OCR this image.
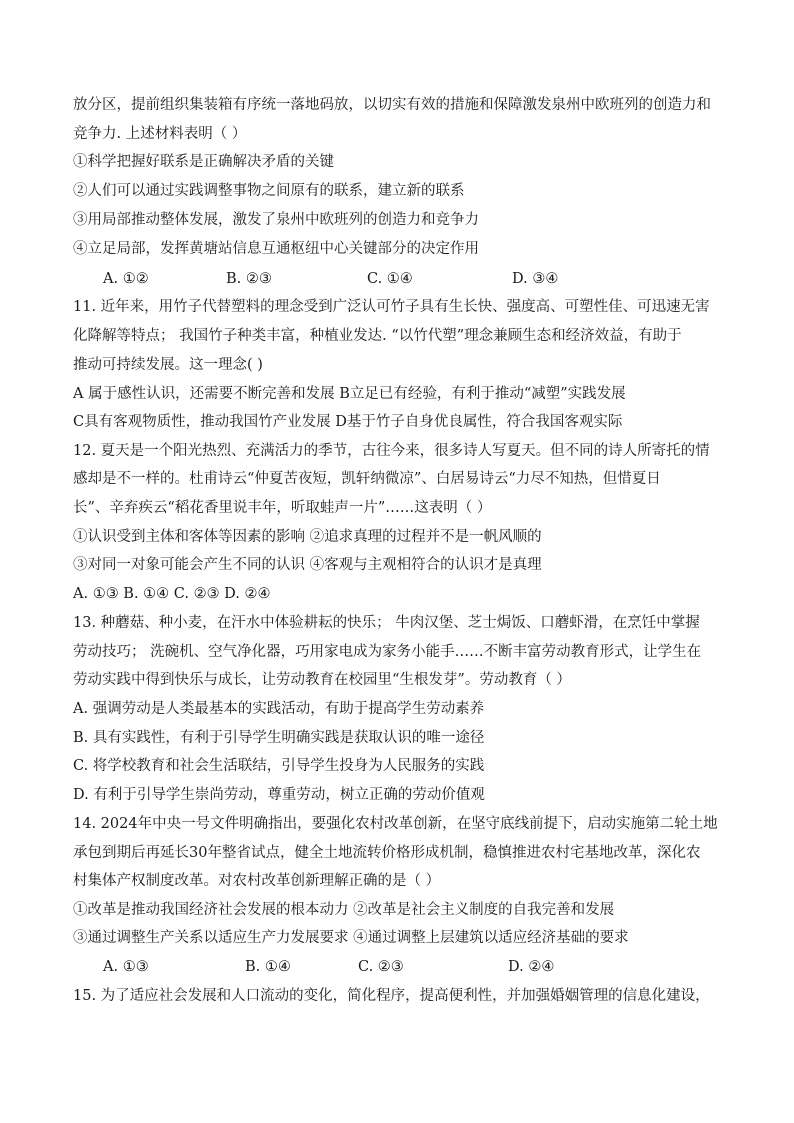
放分区，提前组织集装箱有序统一落地码放，以切实有效的措施和保障激发泉州中欧班列的创造力和
竞争力. 上述材料表明（ ）
①科学把握好联系是正确解决矛盾的关键
②人们可以通过实践调整事物之间原有的联系，建立新的联系
③用局部推动整体发展，激发了泉州中欧班列的创造力和竞争力
④立足局部，发挥黄塘站信息互通枢纽中心关键部分的决定作用
A. ①②	B. ②③	C. ①④	D. ③④
11. 近年来，用竹子代替塑料的理念受到广泛认可竹子具有生长快、强度高、可塑性佳、可迅速无害
化降解等特点； 我国竹子种类丰富，种植业发达. “以竹代塑”理念兼顾生态和经济效益，有助于
推动可持续发展。这一理念( )
A 属于感性认识，还需要不断完善和发展 B立足已有经验，有利于推动“减塑”实践发展
C具有客观物质性，推动我国竹产业发展 D基于竹子自身优良属性，符合我国客观实际
12. 夏天是一个阳光热烈、充满活力的季节，古往今来，很多诗人写夏天。但不同的诗人所寄托的情
感却是不一样的。杜甫诗云“仲夏苦夜短，凯轩纳微凉”、白居易诗云“力尽不知热，但惜夏日
长”、辛弃疾云“稻花香里说丰年，听取蛙声一片”……这表明（ ）
①认识受到主体和客体等因素的影响 ②追求真理的过程并不是一帆风顺的
③对同一对象可能会产生不同的认识 ④客观与主观相符合的认识才是真理
A. ①③ B. ①④ C. ②③ D. ②④
13. 种蘑菇、种小麦，在汗水中体验耕耘的快乐； 牛肉汉堡、芝士焗饭、口蘑虾滑，在烹饪中掌握
劳动技巧； 洗碗机、空气净化器，巧用家电成为家务小能手……不断丰富劳动教育形式，让学生在
劳动实践中得到快乐与成长，让劳动教育在校园里“生根发芽”。劳动教育（ ）
A. 强调劳动是人类最基本的实践活动，有助于提高学生劳动素养
B. 具有实践性，有利于引导学生明确实践是获取认识的唯一途径
C. 将学校教育和社会生活联结，引导学生投身为人民服务的实践
D. 有利于引导学生崇尚劳动，尊重劳动，树立正确的劳动价值观
14. 2024年中央一号文件明确指出，要强化农村改革创新，在坚守底线前提下，启动实施第二轮土地
承包到期后再延长30年整省试点，健全土地流转价格形成机制，稳慎推进农村宅基地改革，深化农
村集体产权制度改革。对农村改革创新理解正确的是（ ）
①改革是推动我国经济社会发展的根本动力 ②改革是社会主义制度的自我完善和发展
③通过调整生产关系以适应生产力发展要求 ④通过调整上层建筑以适应经济基础的要求
A. ①③	B. ①④	C. ②③	D. ②④
15. 为了适应社会发展和人口流动的变化，简化程序，提高便利性，并加强婚姻管理的信息化建设，
